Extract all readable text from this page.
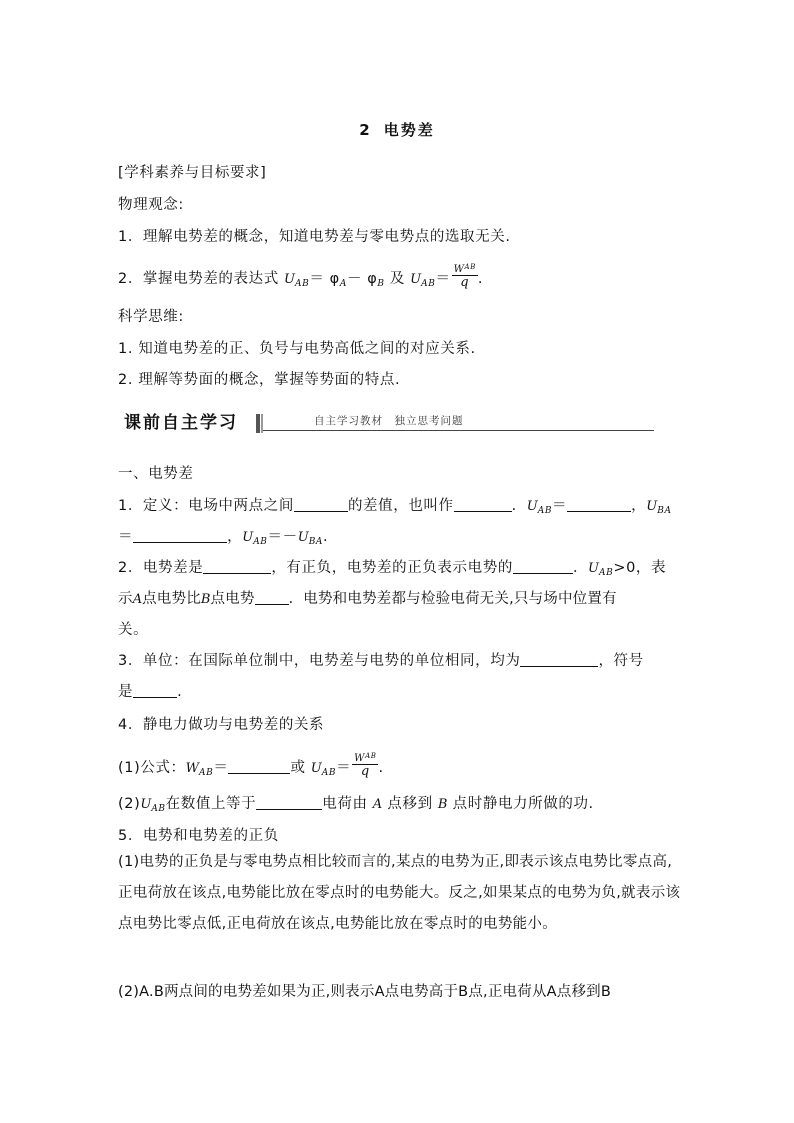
2 电势差
[学科素养与目标要求]
物理观念:
1．理解电势差的概念，知道电势差与零电势点的选取无关.
2．掌握电势差的表达式 $U_{AB}= \varphi_A- \varphi_B$ 及 $U_{AB}= \frac{W_{AB}}{q}$ .
科学思维:
1. 知道电势差的正、负号与电势高低之间的对应关系.
2. 理解等势面的概念，掌握等势面的特点.
课前自主学习	自主学习教材　独立思考问题
一、电势差
1．定义：电场中两点之间	的差值，也叫作	．$U_{AB}=$	，$U_{BA}$
＝	，$U_{AB}=-U_{BA}$.
2．电势差是	，有正负，电势差的正负表示电势的	．$U_{AB}>0$，表
示A点电势比B点电势 ．电势和电势差都与检验电荷无关,只与场中位置有
关。
3．单位：在国际单位制中，电势差与电势的单位相同，均为	，符号
是	.
4．静电力做功与电势差的关系
(1)公式：$W_{AB}=$	或 $U_{AB}= \frac{W_{AB}}{q}$ .
$(2)U_{AB}$在数值上等于	电荷由 A 点移到 B 点时静电力所做的功.
5．电势和电势差的正负
(1)电势的正负是与零电势点相比较而言的,某点的电势为正,即表示该点电势比零点高,正电荷放在该点,电势能比放在零点时的电势能大。反之,如果某点的电势为负,就表示该点电势比零点低,正电荷放在该点,电势能比放在零点时的电势能小。
(2)A.B两点间的电势差如果为正,则表示A点电势高于B点,正电荷从A点移到B
